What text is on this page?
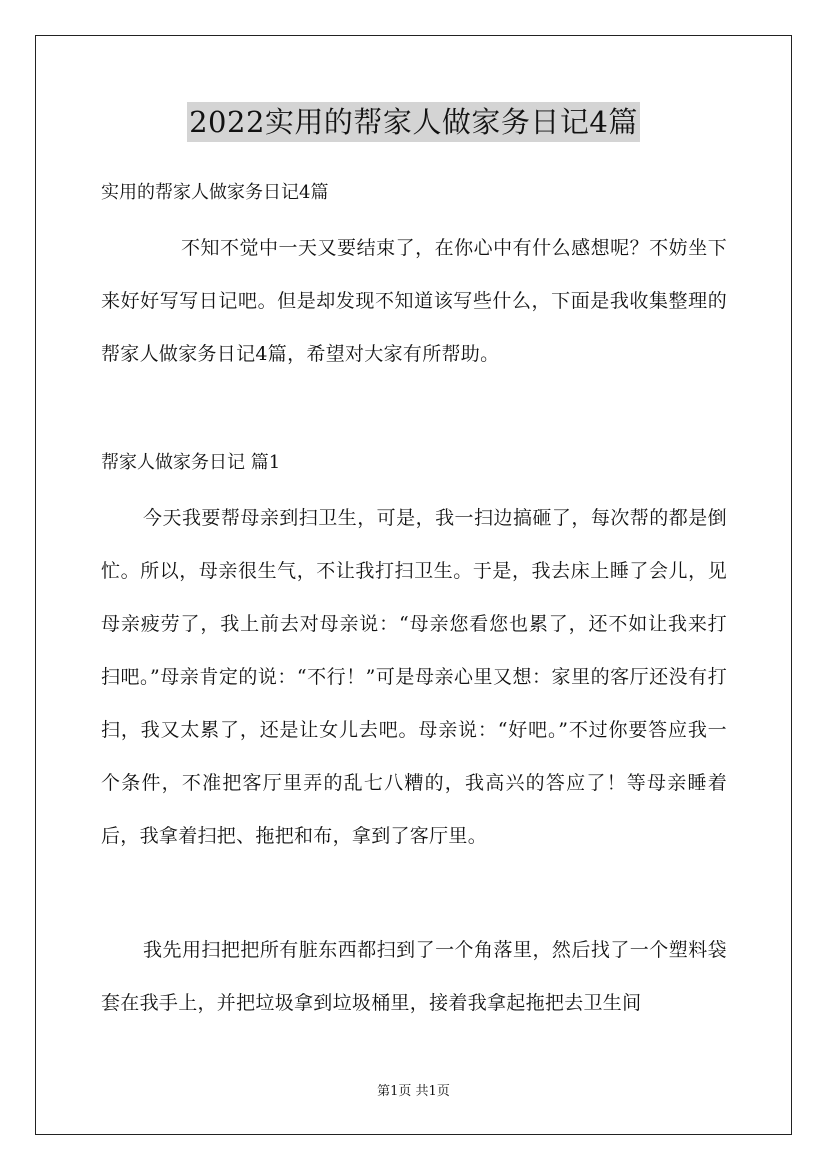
2022实用的帮家人做家务日记4篇
实用的帮家人做家务日记4篇

不知不觉中一天又要结束了，在你心中有什么感想呢？不妨坐下来好好写写日记吧。但是却发现不知道该写些什么，下面是我收集整理的帮家人做家务日记4篇，希望对大家有所帮助。

帮家人做家务日记 篇1

今天我要帮母亲到扫卫生，可是，我一扫边搞砸了，每次帮的都是倒忙。所以，母亲很生气，不让我打扫卫生。于是，我去床上睡了会儿，见母亲疲劳了，我上前去对母亲说：“母亲您看您也累了，还不如让我来打扫吧。”母亲肯定的说：“不行！”可是母亲心里又想：家里的客厅还没有打扫，我又太累了，还是让女儿去吧。母亲说：“好吧。”不过你要答应我一个条件，不准把客厅里弄的乱七八糟的，我高兴的答应了！等母亲睡着后，我拿着扫把、拖把和布，拿到了客厅里。

我先用扫把把所有脏东西都扫到了一个角落里，然后找了一个塑料袋套在我手上，并把垃圾拿到垃圾桶里，接着我拿起拖把去卫生间

第1页 共1页
